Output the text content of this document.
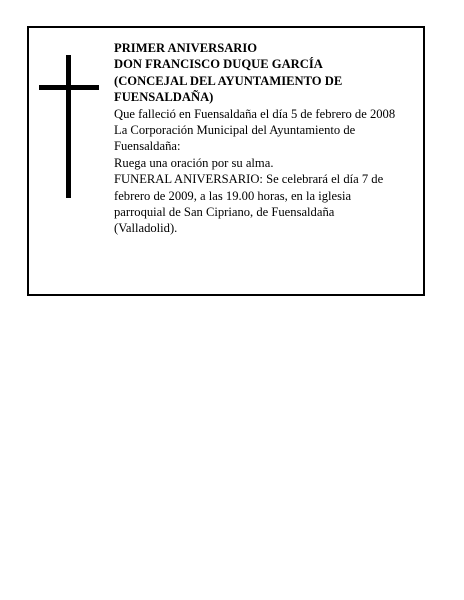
PRIMER ANIVERSARIO

DON FRANCISCO DUQUE GARCÍA

(CONCEJAL DEL AYUNTAMIENTO DE

FUENSALDAÑA)

Que falleció en Fuensaldaña el día 5 de febrero de 2008

La Corporación Municipal del Ayuntamiento de

Fuensaldaña:

Ruega una oración por su alma.

FUNERAL ANIVERSARIO: Se celebrará el día 7 de

febrero de 2009, a las 19.00 horas, en la iglesia

parroquial de San Cipriano, de Fuensaldaña

(Valladolid).
